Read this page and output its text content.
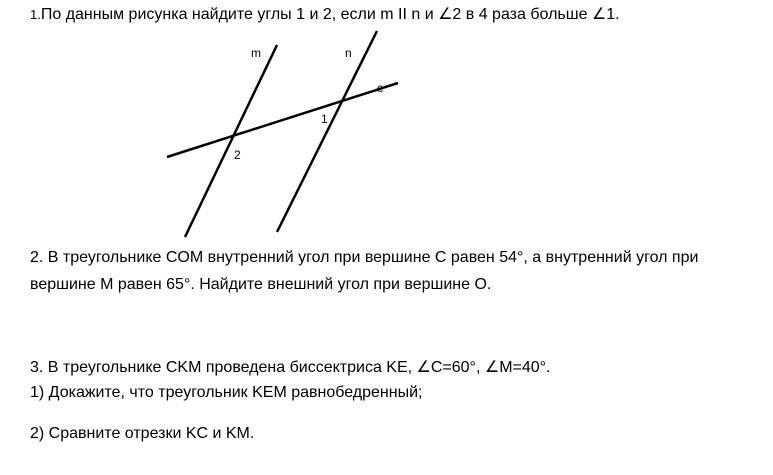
1.По данным рисунка найдите углы 1 и 2, если m II n и ∠2 в 4 раза больше ∠1.
m	n
c
1
2
2. В треугольнике COM внутренний угол при вершине C равен 54°, а внутренний угол при
вершине M равен 65°. Найдите внешний угол при вершине O.
3. В треугольнике CKM проведена биссектриса KE, ∠C=60°, ∠M=40°.
1) Докажите, что треугольник KEM равнобедренный;
2) Сравните отрезки KC и KM.
